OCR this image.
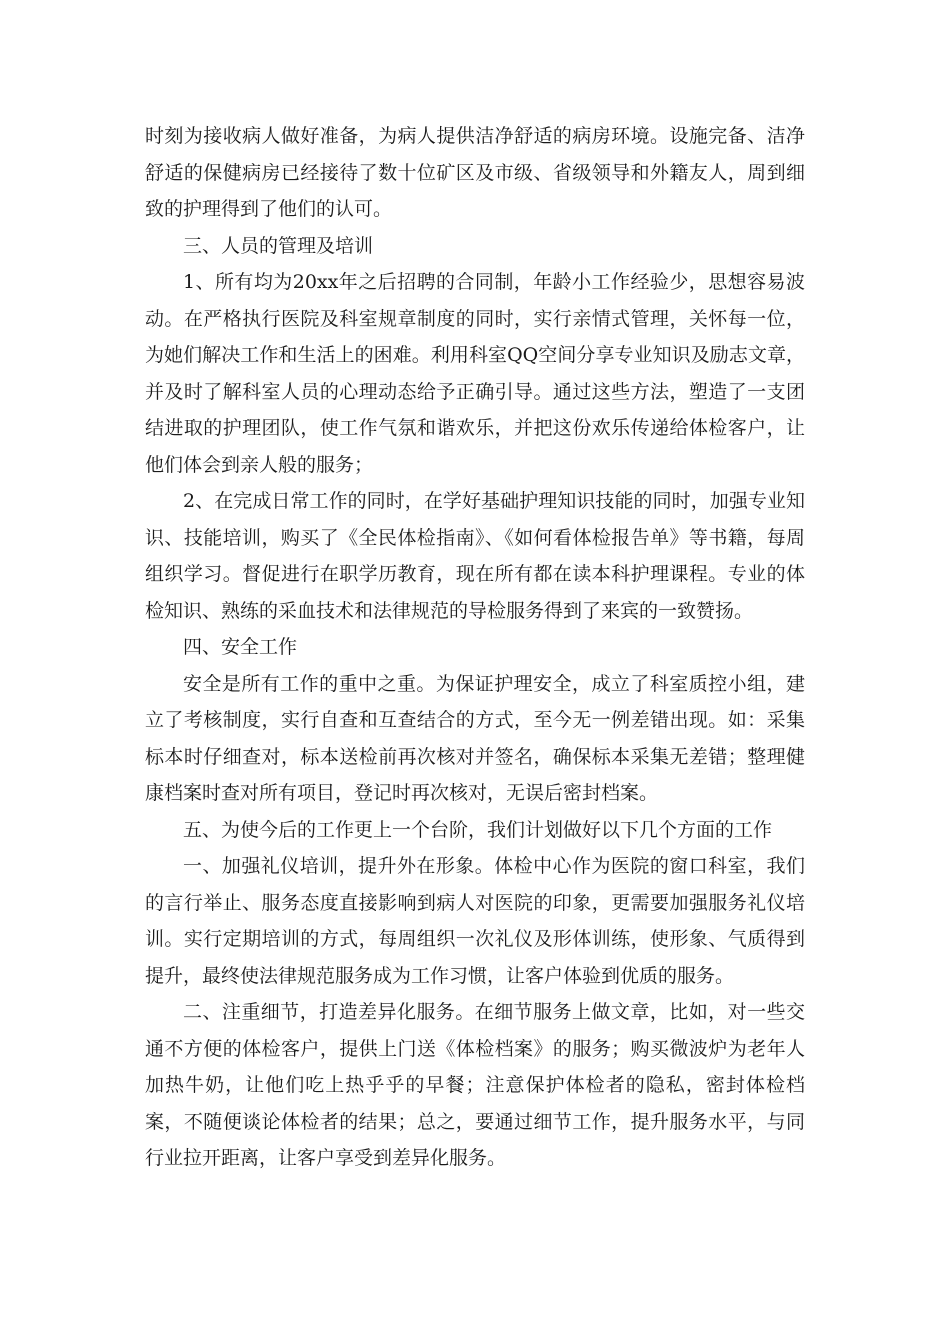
时刻为接收病人做好准备，为病人提供洁净舒适的病房环境。设施完备、洁净舒适的保健病房已经接待了数十位矿区及市级、省级领导和外籍友人，周到细致的护理得到了他们的认可。

三、人员的管理及培训

1、所有均为20xx年之后招聘的合同制，年龄小工作经验少，思想容易波动。在严格执行医院及科室规章制度的同时，实行亲情式管理，关怀每一位，为她们解决工作和生活上的困难。利用科室QQ空间分享专业知识及励志文章，并及时了解科室人员的心理动态给予正确引导。通过这些方法，塑造了一支团结进取的护理团队，使工作气氛和谐欢乐，并把这份欢乐传递给体检客户，让他们体会到亲人般的服务；

2、在完成日常工作的同时，在学好基础护理知识技能的同时，加强专业知识、技能培训，购买了《全民体检指南》、《如何看体检报告单》等书籍，每周组织学习。督促进行在职学历教育，现在所有都在读本科护理课程。专业的体检知识、熟练的采血技术和法律规范的导检服务得到了来宾的一致赞扬。

四、安全工作

安全是所有工作的重中之重。为保证护理安全，成立了科室质控小组，建立了考核制度，实行自查和互查结合的方式，至今无一例差错出现。如：采集标本时仔细查对，标本送检前再次核对并签名，确保标本采集无差错；整理健康档案时查对所有项目，登记时再次核对，无误后密封档案。

五、为使今后的工作更上一个台阶，我们计划做好以下几个方面的工作

一、加强礼仪培训，提升外在形象。体检中心作为医院的窗口科室，我们的言行举止、服务态度直接影响到病人对医院的印象，更需要加强服务礼仪培训。实行定期培训的方式，每周组织一次礼仪及形体训练，使形象、气质得到提升，最终使法律规范服务成为工作习惯，让客户体验到优质的服务。

二、注重细节，打造差异化服务。在细节服务上做文章，比如，对一些交通不方便的体检客户，提供上门送《体检档案》的服务；购买微波炉为老年人加热牛奶，让他们吃上热乎乎的早餐；注意保护体检者的隐私，密封体检档案，不随便谈论体检者的结果；总之，要通过细节工作，提升服务水平，与同行业拉开距离，让客户享受到差异化服务。
